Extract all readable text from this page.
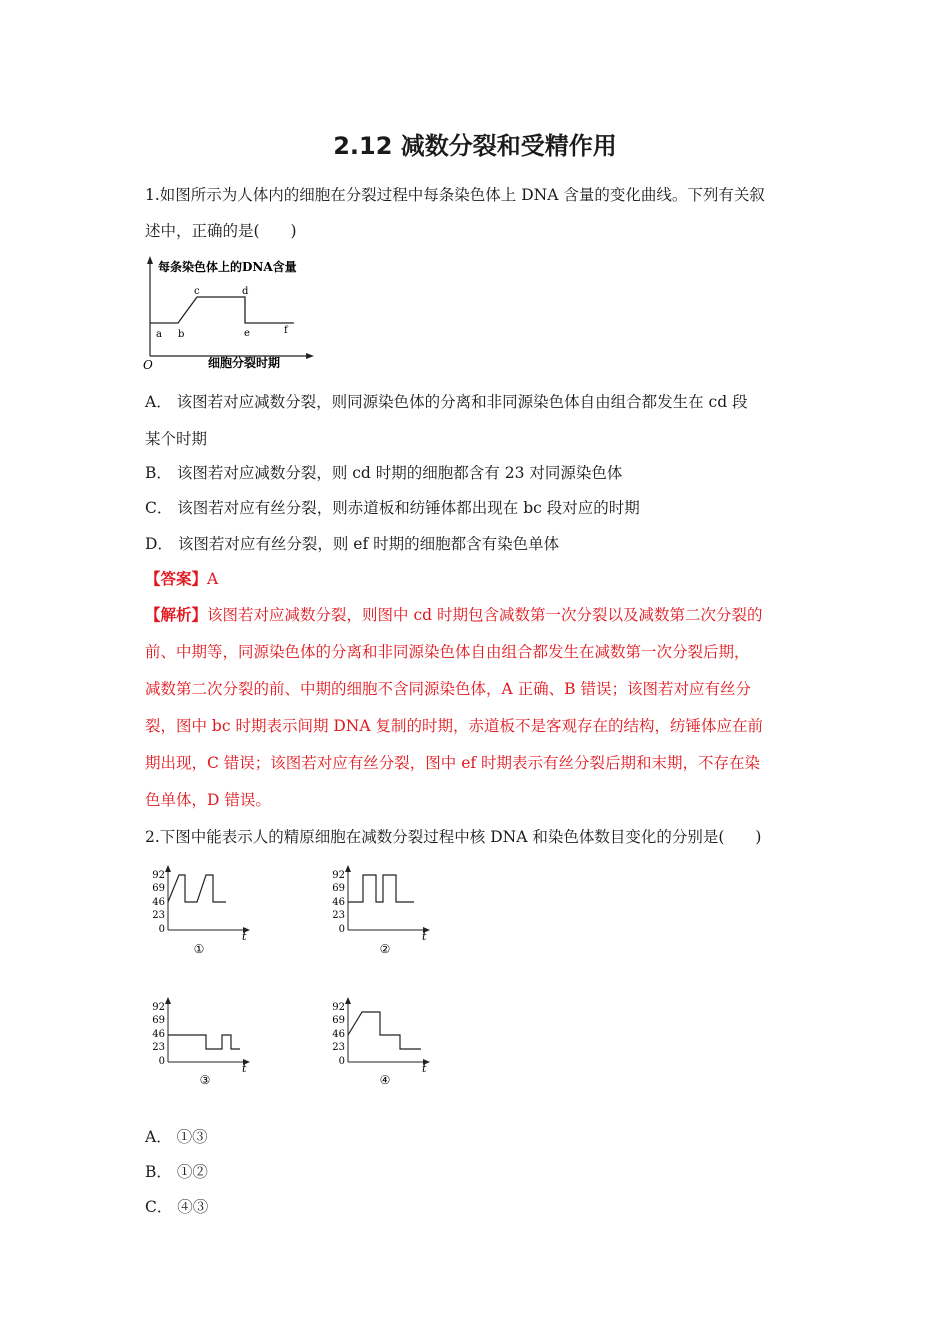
2.12 减数分裂和受精作用
1.如图所示为人体内的细胞在分裂过程中每条染色体上 DNA 含量的变化曲线。下列有关叙
述中，正确的是(　　)
每条染色体上的DNA含量
细胞分裂时期
O
a b
c	d
e	f
A． 该图若对应减数分裂，则同源染色体的分离和非同源染色体自由组合都发生在 cd 段
某个时期
B． 该图若对应减数分裂，则 cd 时期的细胞都含有 23 对同源染色体
C． 该图若对应有丝分裂，则赤道板和纺锤体都出现在 bc 段对应的时期
D． 该图若对应有丝分裂，则 ef 时期的细胞都含有染色单体
【答案】A
【解析】该图若对应减数分裂，则图中 cd 时期包含减数第一次分裂以及减数第二次分裂的
前、中期等，同源染色体的分离和非同源染色体自由组合都发生在减数第一次分裂后期，
减数第二次分裂的前、中期的细胞不含同源染色体，A 正确、B 错误；该图若对应有丝分
裂，图中 bc 时期表示间期 DNA 复制的时期，赤道板不是客观存在的结构，纺锤体应在前
期出现，C 错误；该图若对应有丝分裂，图中 ef 时期表示有丝分裂后期和末期，不存在染
色单体，D 错误。
2.下图中能表示人的精原细胞在减数分裂过程中核 DNA 和染色体数目变化的分别是(　　)
92
69
46
23
0
t
①
92
69
46
23
0
t
②
92
69
46
23
0
t
③
92
69
46
23
0
t
④
A． ①③
B． ①②
C． ④③
